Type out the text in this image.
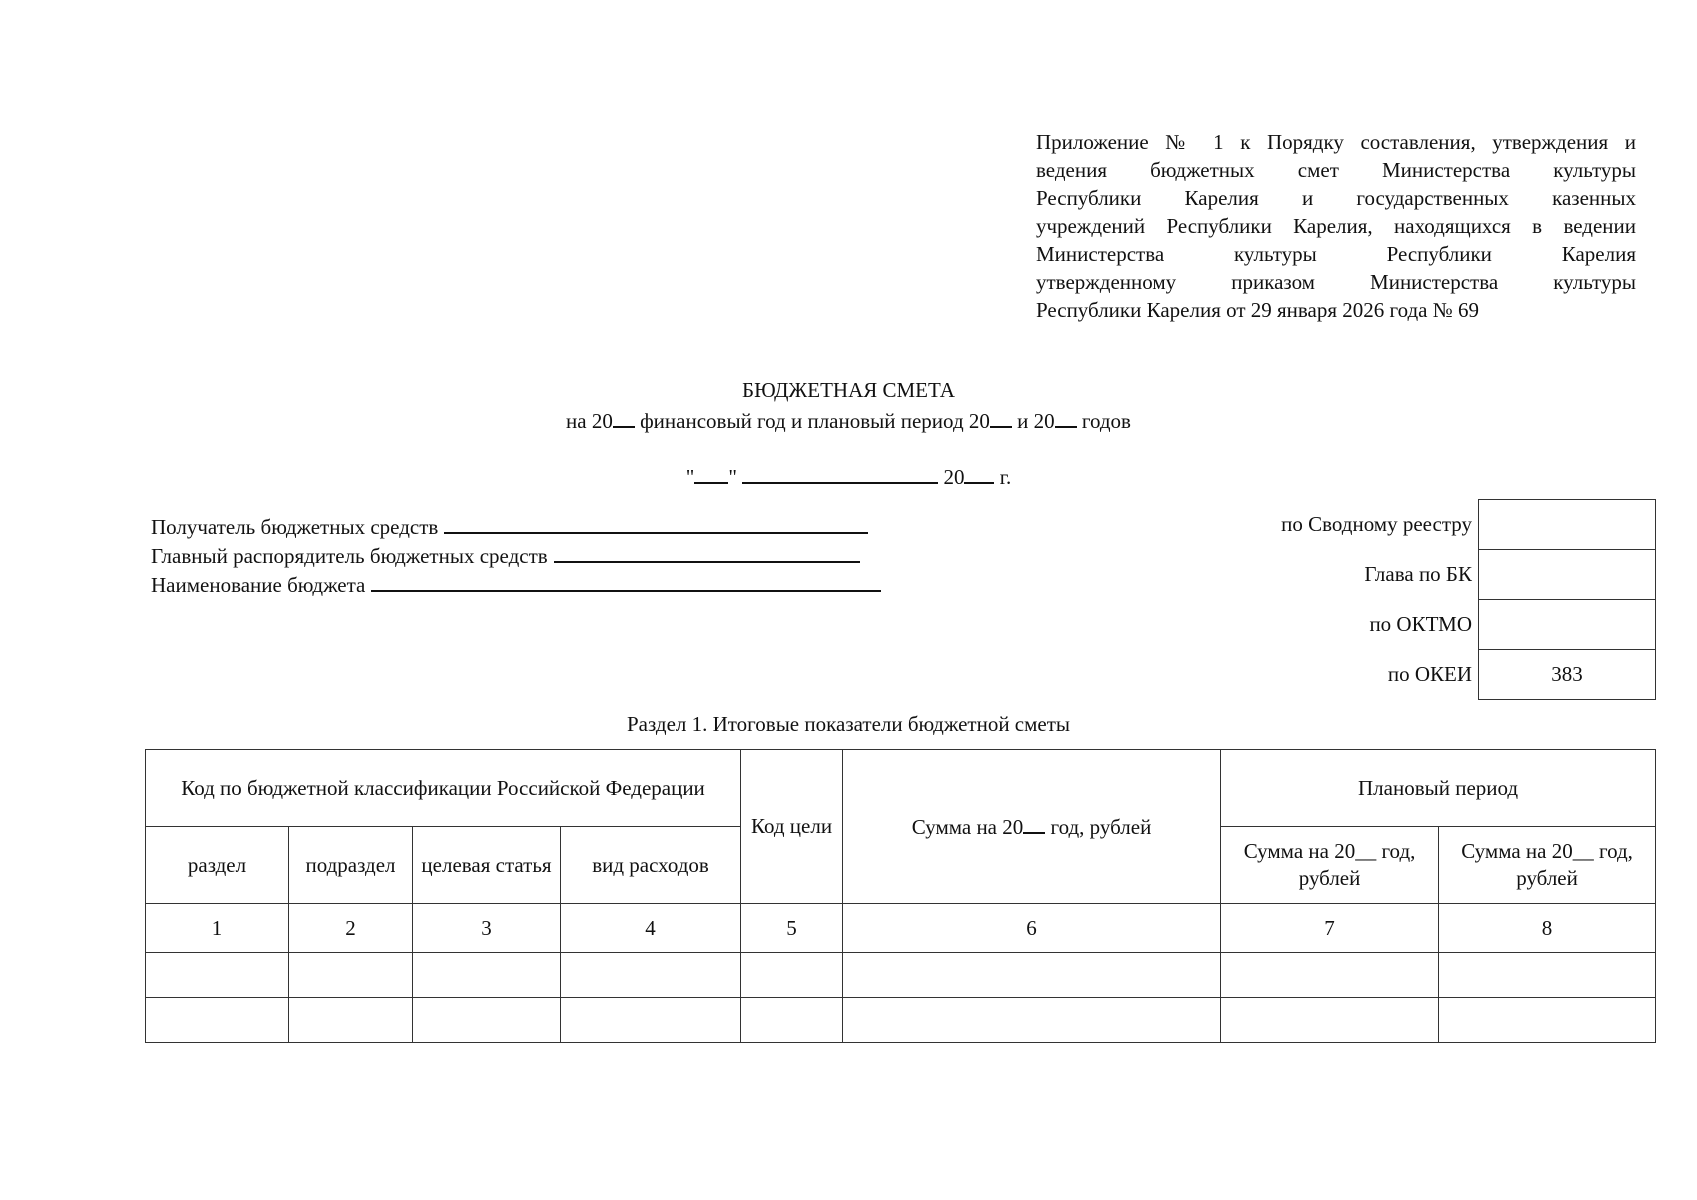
Приложение № 1 к Порядку составления, утверждения и
ведения бюджетных смет Министерства культуры
Республики Карелия и государственных казенных
учреждений Республики Карелия, находящихся в ведении
Министерства культуры Республики Карелия
утвержденному приказом Министерства культуры
Республики Карелия от 29 января 2026 года № 69
БЮДЖЕТНАЯ СМЕТА
на 20 финансовый год и плановый период 20 и 20 годов
" "	20 г.
Получатель бюджетных средств
Главный распорядитель бюджетных средств
Наименование бюджета
по Сводному реестру	
Глава по БК	
по ОКТМО	
по ОКЕИ	383
Раздел 1. Итоговые показатели бюджетной сметы
Код по бюджетной классификации Российской Федерации				Код цели	Сумма на 20 год, рублей	Плановый период	
раздел	подраздел	целевая статья	вид расходов			Сумма на 20__ год, рублей	Сумма на 20__ год, рублей
1	2	3	4	5	6	7	8
